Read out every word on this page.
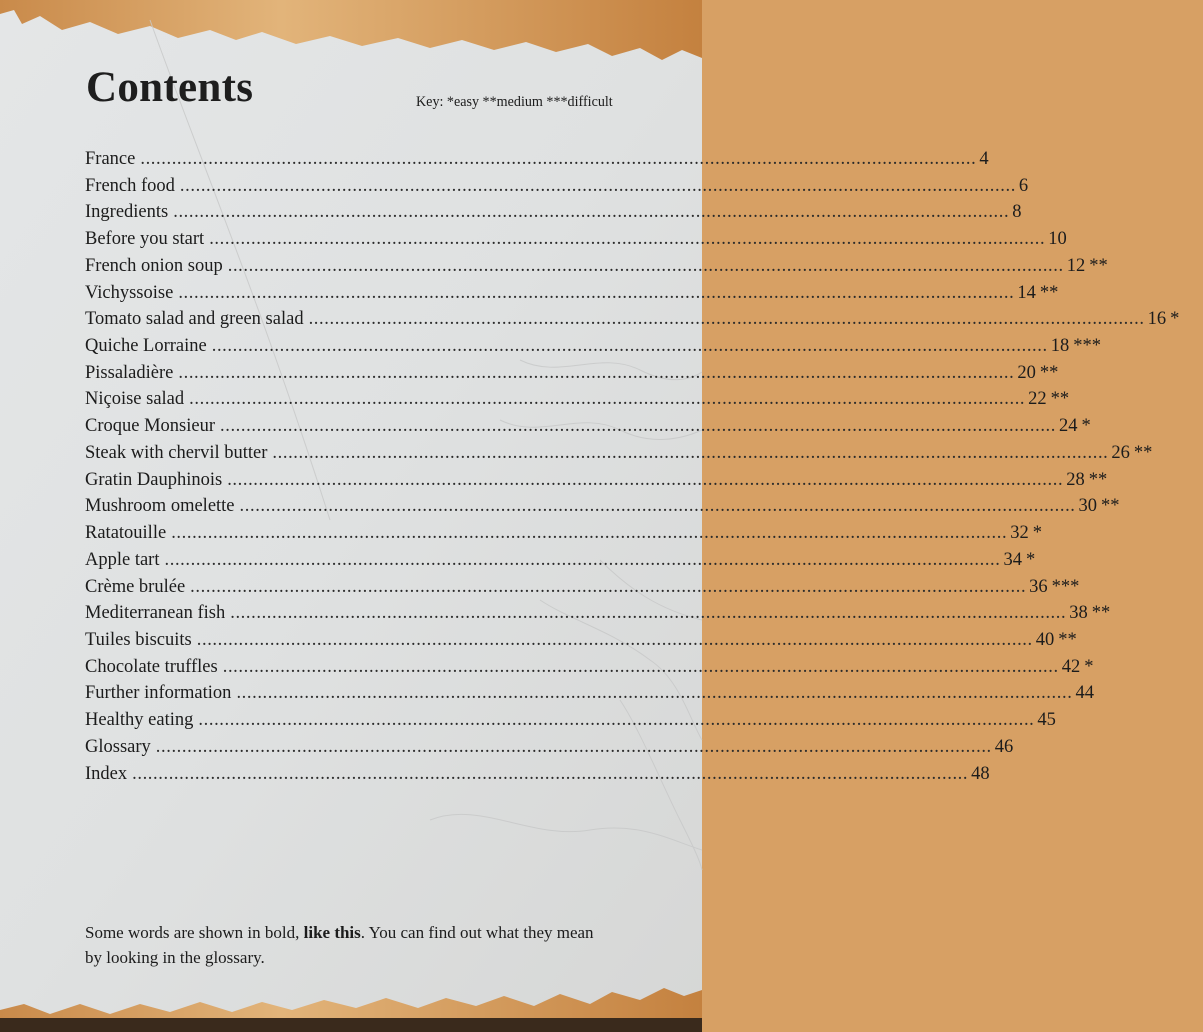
Contents	Key: *easy **medium ***difficult
France ................................................................................................................................................................ 4
French food ................................................................................................................................................................ 6
Ingredients ................................................................................................................................................................ 8
Before you start ................................................................................................................................................................ 10
French onion soup ................................................................................................................................................................ 12 **
Vichyssoise ................................................................................................................................................................ 14 **
Tomato salad and green salad ................................................................................................................................................................ 16 *
Quiche Lorraine ................................................................................................................................................................ 18 ***
Pissaladière ................................................................................................................................................................ 20 **
Niçoise salad ................................................................................................................................................................ 22 **
Croque Monsieur ................................................................................................................................................................ 24 *
Steak with chervil butter ................................................................................................................................................................ 26 **
Gratin Dauphinois ................................................................................................................................................................ 28 **
Mushroom omelette ................................................................................................................................................................ 30 **
Ratatouille ................................................................................................................................................................ 32 *
Apple tart ................................................................................................................................................................ 34 *
Crème brulée ................................................................................................................................................................ 36 ***
Mediterranean fish ................................................................................................................................................................ 38 **
Tuiles biscuits ................................................................................................................................................................ 40 **
Chocolate truffles ................................................................................................................................................................ 42 *
Further information ................................................................................................................................................................ 44
Healthy eating ................................................................................................................................................................ 45
Glossary ................................................................................................................................................................ 46
Index ................................................................................................................................................................ 48

Some words are shown in bold, like this. You can find out what they mean by looking in the glossary.
